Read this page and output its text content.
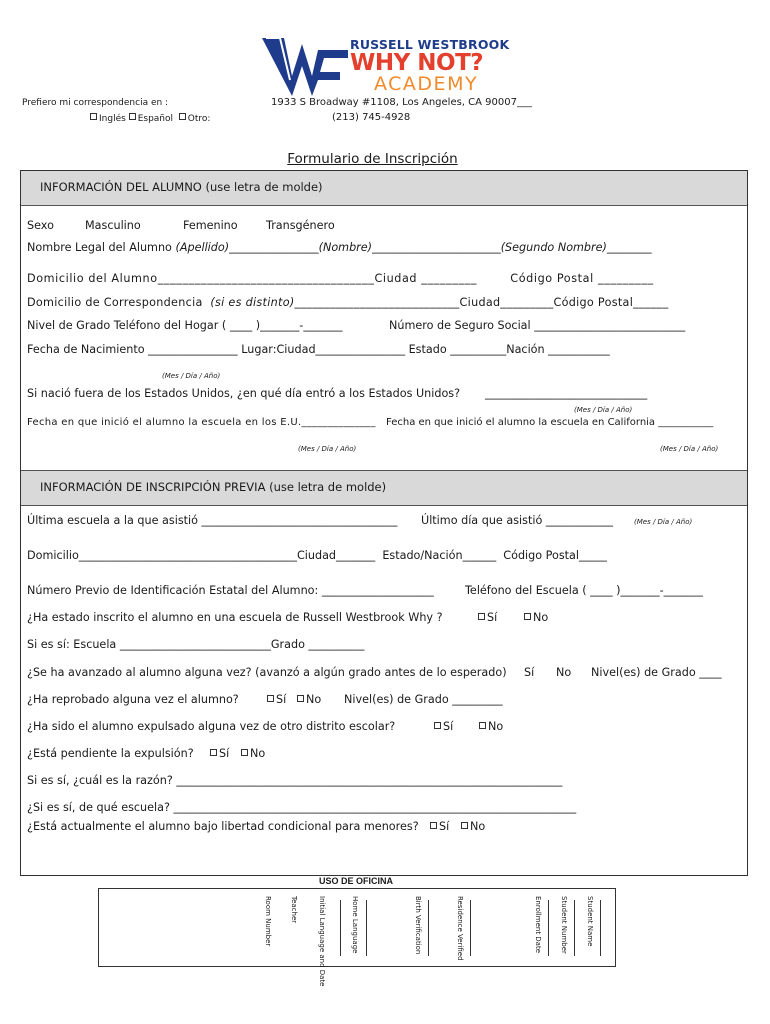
RUSSELL WESTBROOK
WHY NOT?
ACADEMY
1933 S Broadway #1108, Los Angeles, CA 90007___
(213) 745-4928
Prefiero mi correspondencia en :
Inglés Español Otro:
Formulario de Inscripción
INFORMACIÓN DEL ALUMNO (use letra de molde)
INFORMACIÓN DE INSCRIPCIÓN PREVIA (use letra de molde)
Sexo	Masculino	Femenino	Transgénero
Nombre Legal del Alumno (Apellido)________________(Nombre)_______________________(Segundo Nombre)________
Domicilio del Alumno___________________________________Ciudad _________        Código Postal _________
Domicilio de Correspondencia (si es distinto)____________________________Ciudad_________Código Postal______
Nivel de Grado Teléfono del Hogar ( ____ )_______-_______	Número de Seguro Social ___________________________
Fecha de Nacimiento ________________ Lugar:Ciudad________________ Estado __________Nación ___________
(Mes / Día / Año)
Si nació fuera de los Estados Unidos, ¿en qué día entró a los Estados Unidos? _____________________________
(Mes / Día / Año)
Fecha en que inició el alumno la escuela en los E.U.______________ Fecha en que inició el alumno la escuela en California ___________
(Mes / Día / Año)	(Mes / Día / Año)
Última escuela a la que asistió ___________________________________ Último día que asistió ____________	(Mes / Día / Año)
Domicilio_______________________________________Ciudad_______  Estado/Nación______  Código Postal_____
Número Previo de Identificación Estatal del Alumno: ____________________	Teléfono del Escuela ( ____ )_______-_______
¿Ha estado inscrito el alumno en una escuela de Russell Westbrook Why ?	Sí	No
Si es sí: Escuela ___________________________Grado __________
¿Se ha avanzado al alumno alguna vez? (avanzó a algún grado antes de lo esperado) Sí No Nivel(es) de Grado ____
¿Ha reprobado alguna vez el alumno?	Sí	No Nivel(es) de Grado _________
¿Ha sido el alumno expulsado alguna vez de otro distrito escolar?	Sí	No
¿Está pendiente la expulsión?	Sí	No
Si es sí, ¿cuál es la razón? _____________________________________________________________________
¿Si es sí, de qué escuela? ________________________________________________________________________
¿Está actualmente el alumno bajo libertad condicional para menores?	Sí	No
USO DE OFICINA
Room Number	Teacher	Initial Language and Date	Home Language	Birth Verification	Residence Verified	Enrollment Date	Student Number	Student Name
